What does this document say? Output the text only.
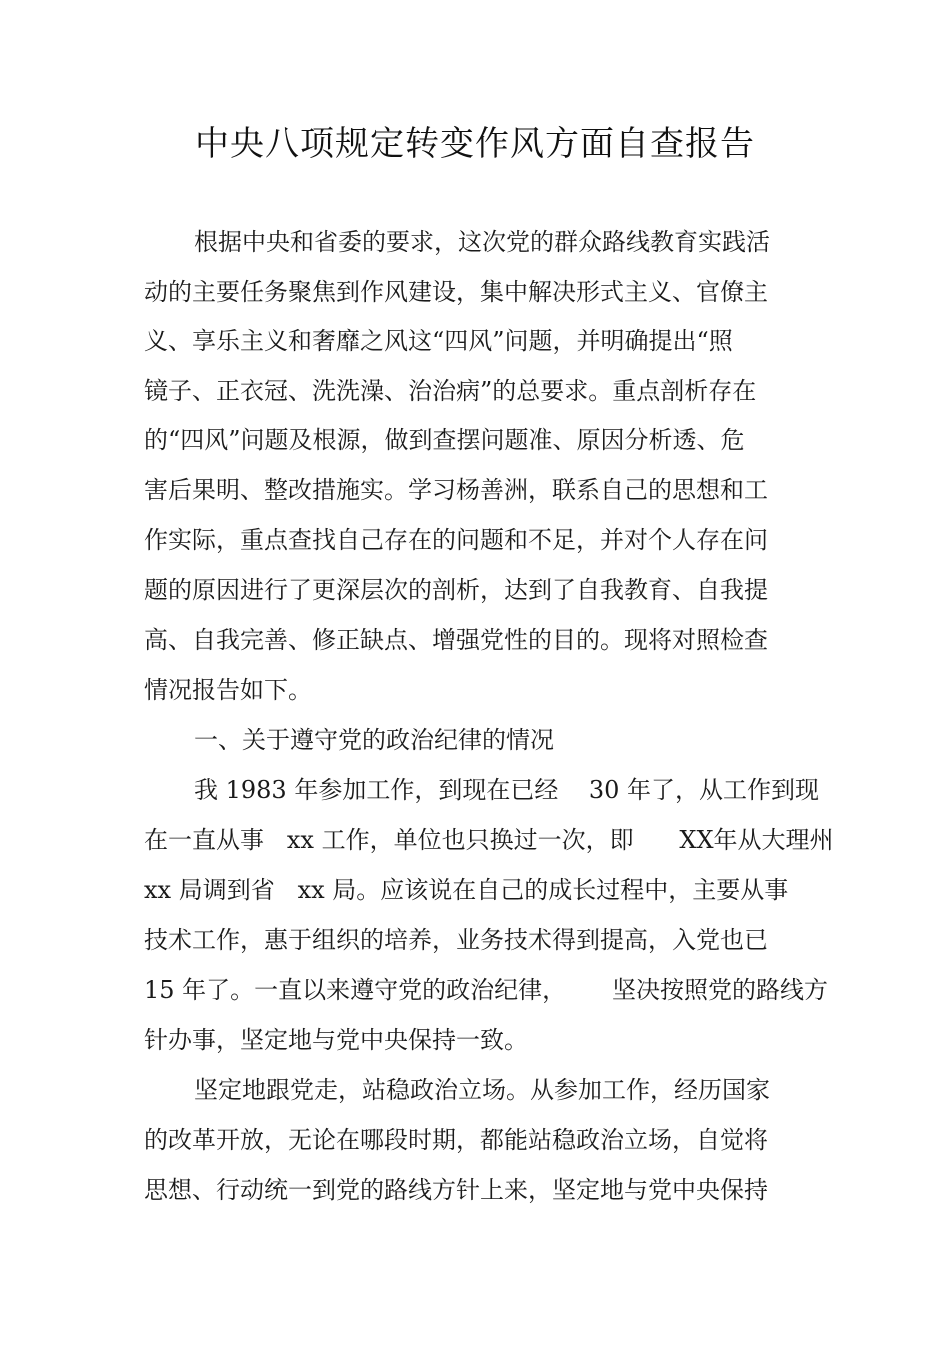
中央八项规定转变作风方面自查报告
根据中央和省委的要求，这次党的群众路线教育实践活
动的主要任务聚焦到作风建设，集中解决形式主义、官僚主
义、享乐主义和奢靡之风这“四风”问题，并明确提出“照
镜子、正衣冠、洗洗澡、治治病”的总要求。重点剖析存在
的“四风”问题及根源，做到查摆问题准、原因分析透、危
害后果明、整改措施实。学习杨善洲，联系自己的思想和工
作实际，重点查找自己存在的问题和不足，并对个人存在问
题的原因进行了更深层次的剖析，达到了自我教育、自我提
高、自我完善、修正缺点、增强党性的目的。现将对照检查
情况报告如下。
一、关于遵守党的政治纪律的情况
我 1983 年参加工作，到现在已经    30 年了，从工作到现
在一直从事   xx 工作，单位也只换过一次，即      XX年从大理州
xx 局调到省   xx 局。应该说在自己的成长过程中，主要从事
技术工作，惠于组织的培养，业务技术得到提高，入党也已
15 年了。一直以来遵守党的政治纪律，      坚决按照党的路线方
针办事，坚定地与党中央保持一致。
坚定地跟党走，站稳政治立场。从参加工作，经历国家
的改革开放，无论在哪段时期，都能站稳政治立场，自觉将
思想、行动统一到党的路线方针上来，坚定地与党中央保持
